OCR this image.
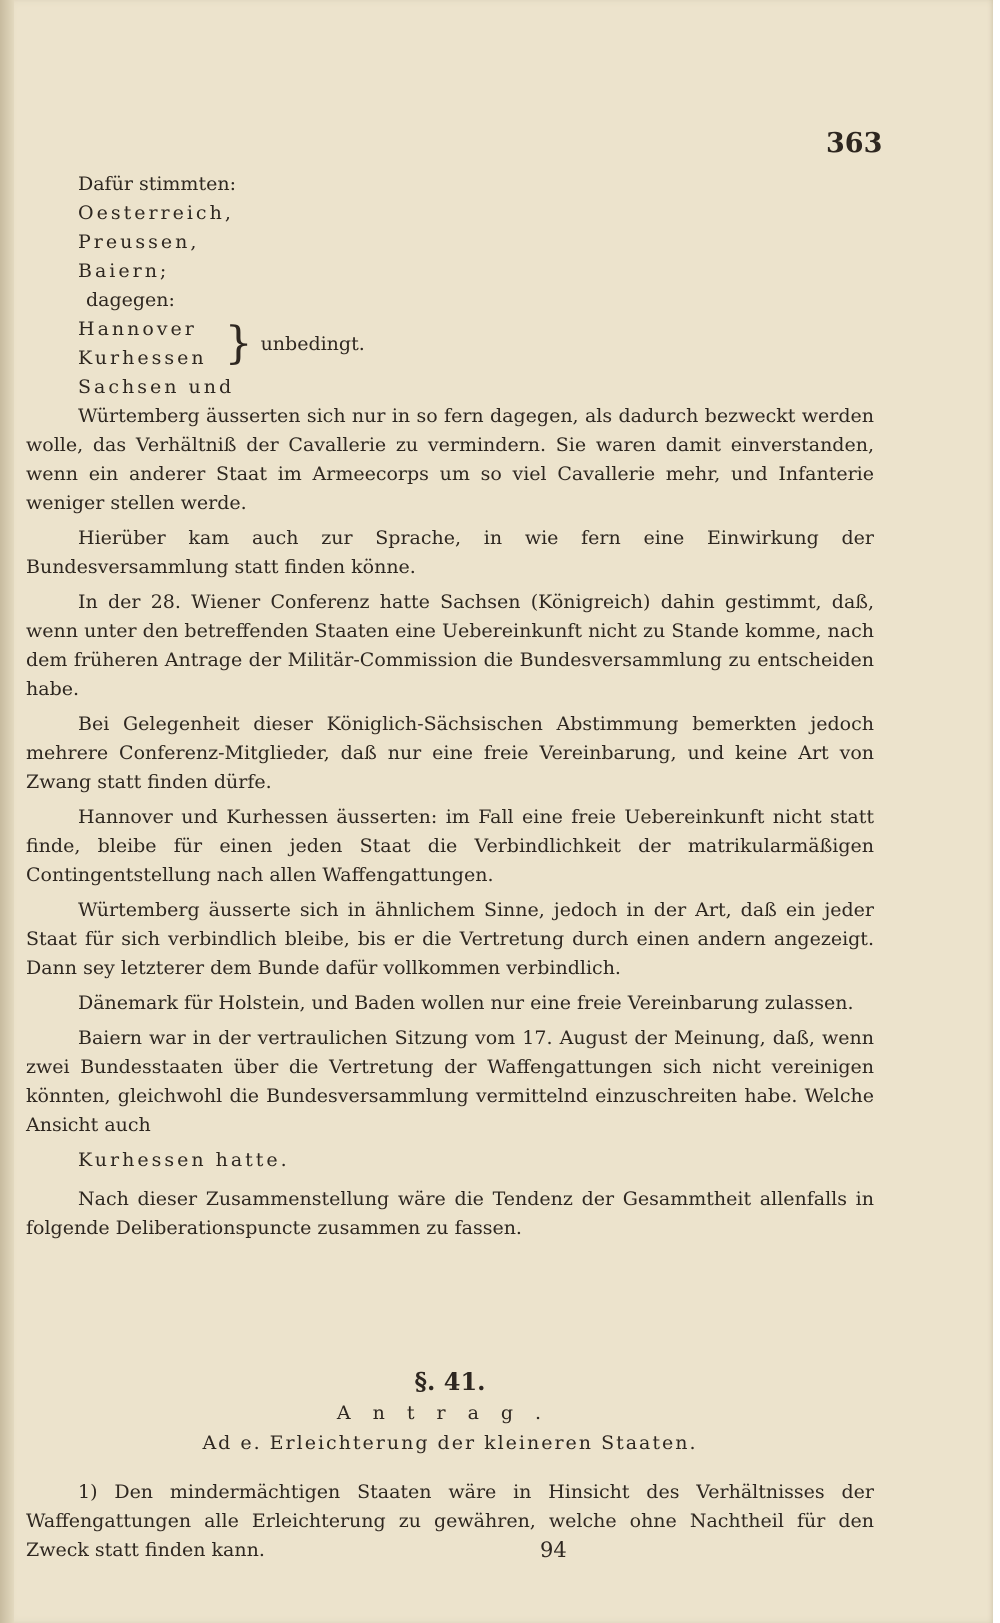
363
Dafür stimmten:
Oesterreich,
Preussen,
Baiern;
dagegen:
Hannover
Kurhessen } unbedingt.
Sachsen und

Würtemberg äusserten sich nur in so fern dagegen, als dadurch bezweckt werden wolle, das Verhältniß der Cavallerie zu vermindern. Sie waren damit einverstanden, wenn ein anderer Staat im Armeecorps um so viel Cavallerie mehr, und Infanterie weniger stellen werde.

Hierüber kam auch zur Sprache, in wie fern eine Einwirkung der Bundesversammlung statt finden könne.

In der 28. Wiener Conferenz hatte Sachsen (Königreich) dahin gestimmt, daß, wenn unter den betreffenden Staaten eine Uebereinkunft nicht zu Stande komme, nach dem früheren Antrage der Militär-Commission die Bundesversammlung zu entscheiden habe.

Bei Gelegenheit dieser Königlich-Sächsischen Abstimmung bemerkten jedoch mehrere Conferenz-Mitglieder, daß nur eine freie Vereinbarung, und keine Art von Zwang statt finden dürfe.

Hannover und Kurhessen äusserten: im Fall eine freie Uebereinkunft nicht statt finde, bleibe für einen jeden Staat die Verbindlichkeit der matrikularmäßigen Contingentstellung nach allen Waffengattungen.

Würtemberg äusserte sich in ähnlichem Sinne, jedoch in der Art, daß ein jeder Staat für sich verbindlich bleibe, bis er die Vertretung durch einen andern angezeigt. Dann sey letzterer dem Bunde dafür vollkommen verbindlich.

Dänemark für Holstein, und Baden wollen nur eine freie Vereinbarung zulassen.

Baiern war in der vertraulichen Sitzung vom 17. August der Meinung, daß, wenn zwei Bundesstaaten über die Vertretung der Waffengattungen sich nicht vereinigen könnten, gleichwohl die Bundesversammlung vermittelnd einzuschreiten habe. Welche Ansicht auch

Kurhessen hatte.

Nach dieser Zusammenstellung wäre die Tendenz der Gesammtheit allenfalls in folgende Deliberationspuncte zusammen zu fassen.

§. 41.
Antrag.
Ad e. Erleichterung der kleineren Staaten.
1) Den mindermächtigen Staaten wäre in Hinsicht des Verhältnisses der Waffengattungen alle Erleichterung zu gewähren, welche ohne Nachtheil für den Zweck statt finden kann.	94
